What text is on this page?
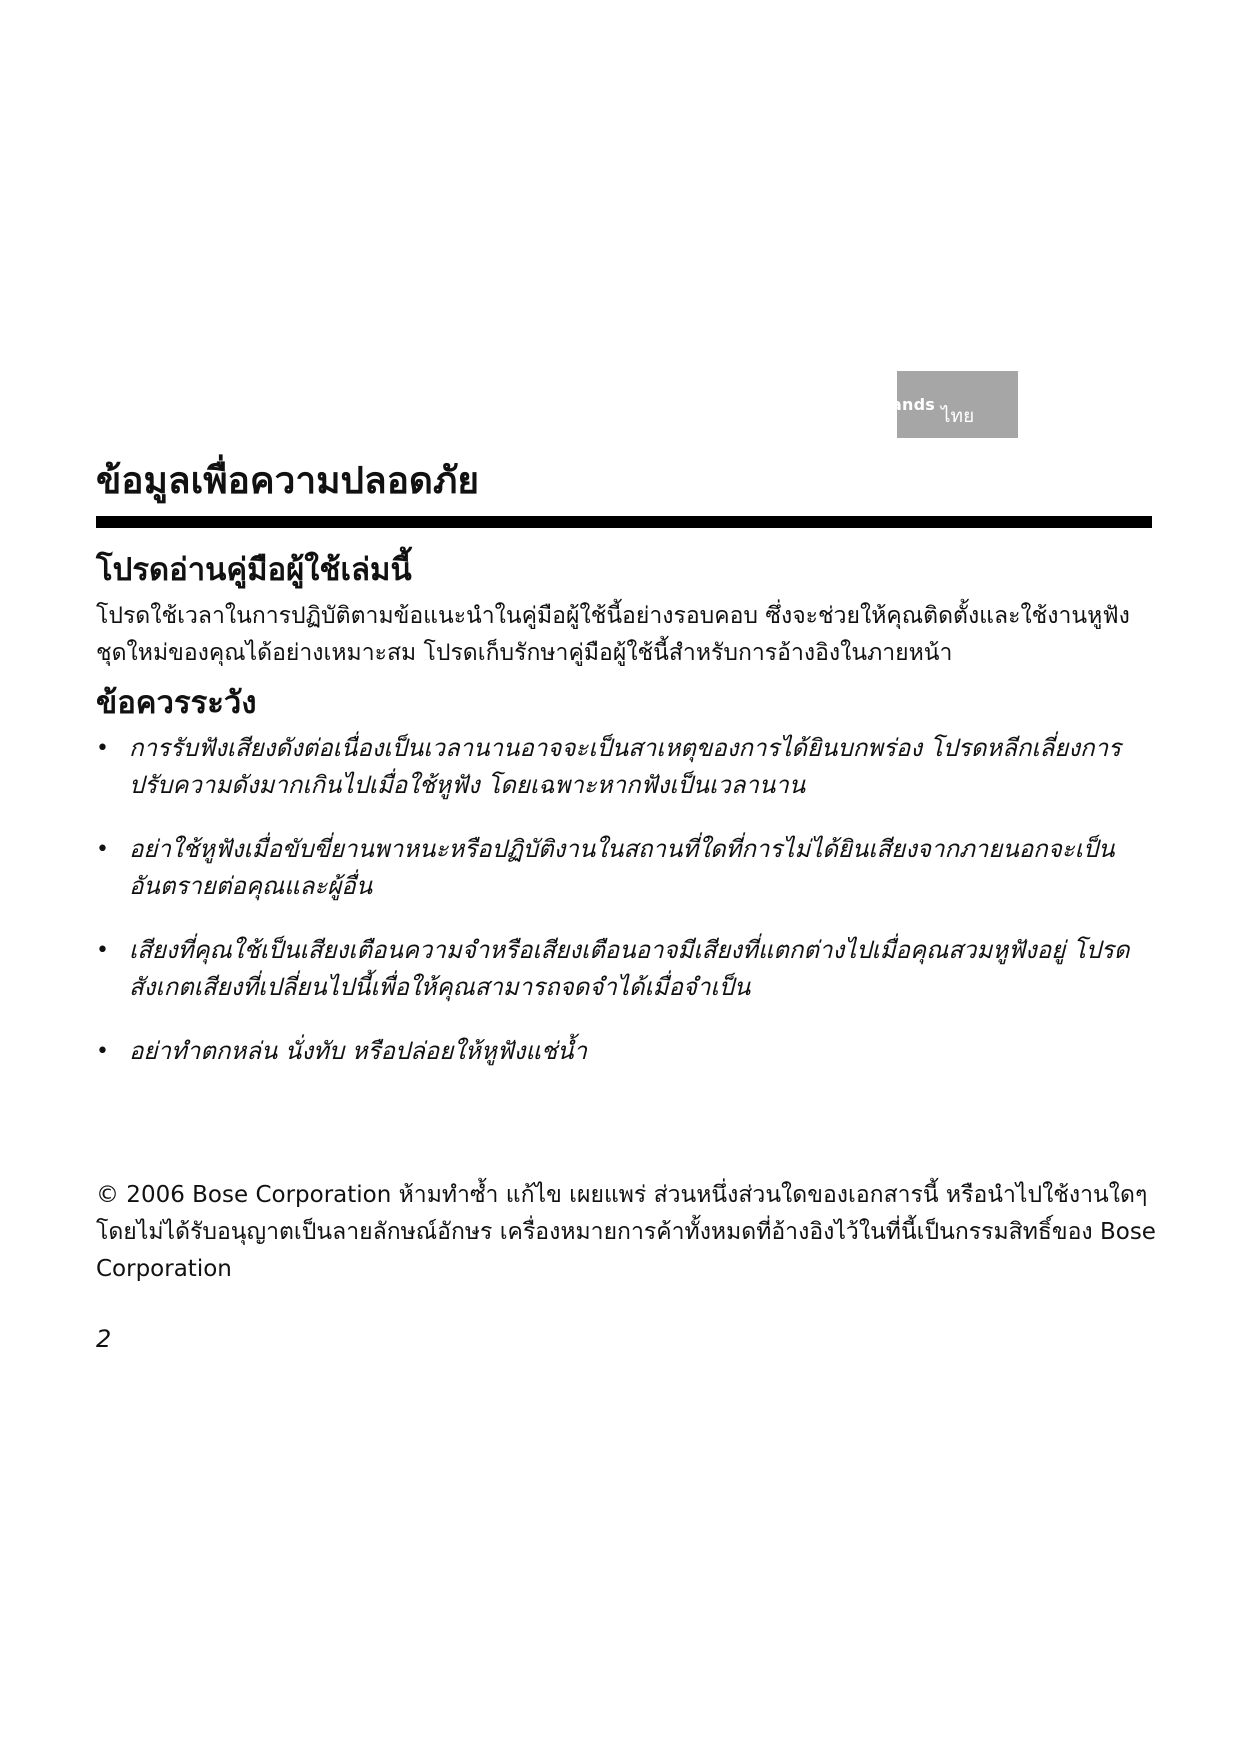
ands
ไทย
ข้อมูลเพื่อความปลอดภัย
โปรดอ่านคู่มือผู้ใช้เล่มนี้

โปรดใช้เวลาในการปฏิบัติตามข้อแนะนำในคู่มือผู้ใช้นี้อย่างรอบคอบ ซึ่งจะช่วยให้คุณติดตั้งและใช้งานหูฟังชุดใหม่ของคุณได้อย่างเหมาะสม โปรดเก็บรักษาคู่มือผู้ใช้นี้สำหรับการอ้างอิงในภายหน้า

ข้อควรระวัง
• การรับฟังเสียงดังต่อเนื่องเป็นเวลานานอาจจะเป็นสาเหตุของการได้ยินบกพร่อง โปรดหลีกเลี่ยงการปรับความดังมากเกินไปเมื่อใช้หูฟัง โดยเฉพาะหากฟังเป็นเวลานาน
• อย่าใช้หูฟังเมื่อขับขี่ยานพาหนะหรือปฏิบัติงานในสถานที่ใดที่การไม่ได้ยินเสียงจากภายนอกจะเป็นอันตรายต่อคุณและผู้อื่น
• เสียงที่คุณใช้เป็นเสียงเตือนความจำหรือเสียงเตือนอาจมีเสียงที่แตกต่างไปเมื่อคุณสวมหูฟังอยู่ โปรดสังเกตเสียงที่เปลี่ยนไปนี้เพื่อให้คุณสามารถจดจำได้เมื่อจำเป็น
• อย่าทำตกหล่น นั่งทับ หรือปล่อยให้หูฟังแช่น้ำ

© 2006 Bose Corporation ห้ามทำซ้ำ แก้ไข เผยแพร่ ส่วนหนึ่งส่วนใดของเอกสารนี้ หรือนำไปใช้งานใดๆ โดยไม่ได้รับอนุญาตเป็นลายลักษณ์อักษร เครื่องหมายการค้าทั้งหมดที่อ้างอิงไว้ในที่นี้เป็นกรรมสิทธิ์ของ Bose Corporation

2
